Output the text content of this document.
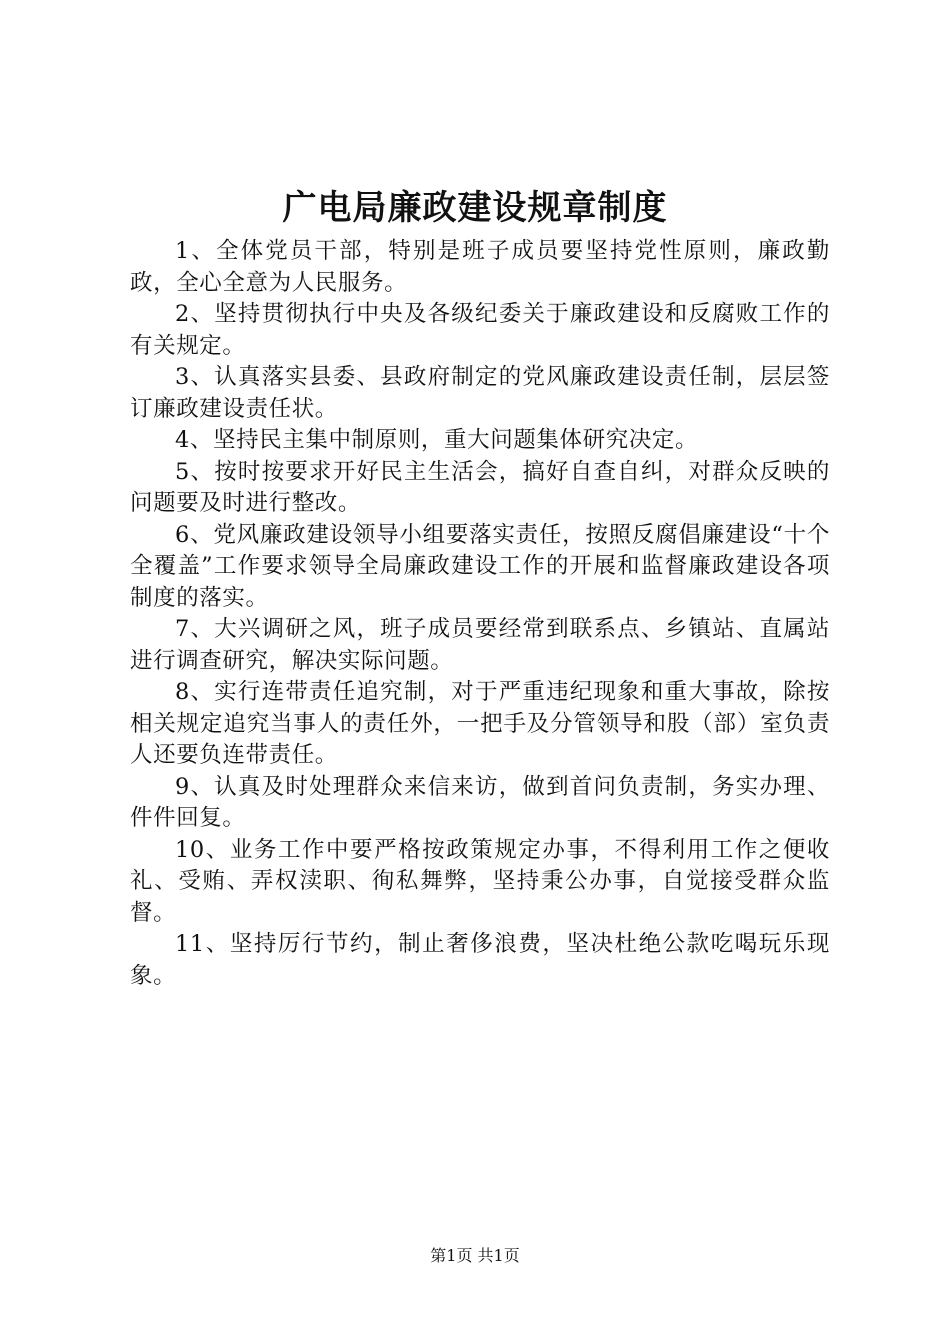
广电局廉政建设规章制度

1、全体党员干部，特别是班子成员要坚持党性原则，廉政勤政，全心全意为人民服务。

2、坚持贯彻执行中央及各级纪委关于廉政建设和反腐败工作的有关规定。

3、认真落实县委、县政府制定的党风廉政建设责任制，层层签订廉政建设责任状。

4、坚持民主集中制原则，重大问题集体研究决定。

5、按时按要求开好民主生活会，搞好自查自纠，对群众反映的问题要及时进行整改。

6、党风廉政建设领导小组要落实责任，按照反腐倡廉建设“十个全覆盖”工作要求领导全局廉政建设工作的开展和监督廉政建设各项制度的落实。

7、大兴调研之风，班子成员要经常到联系点、乡镇站、直属站进行调查研究，解决实际问题。

8、实行连带责任追究制，对于严重违纪现象和重大事故，除按相关规定追究当事人的责任外，一把手及分管领导和股（部）室负责人还要负连带责任。

9、认真及时处理群众来信来访，做到首问负责制，务实办理、件件回复。

10、业务工作中要严格按政策规定办事，不得利用工作之便收礼、受贿、弄权渎职、徇私舞弊，坚持秉公办事，自觉接受群众监督。

11、坚持厉行节约，制止奢侈浪费，坚决杜绝公款吃喝玩乐现象。

第1页 共1页
